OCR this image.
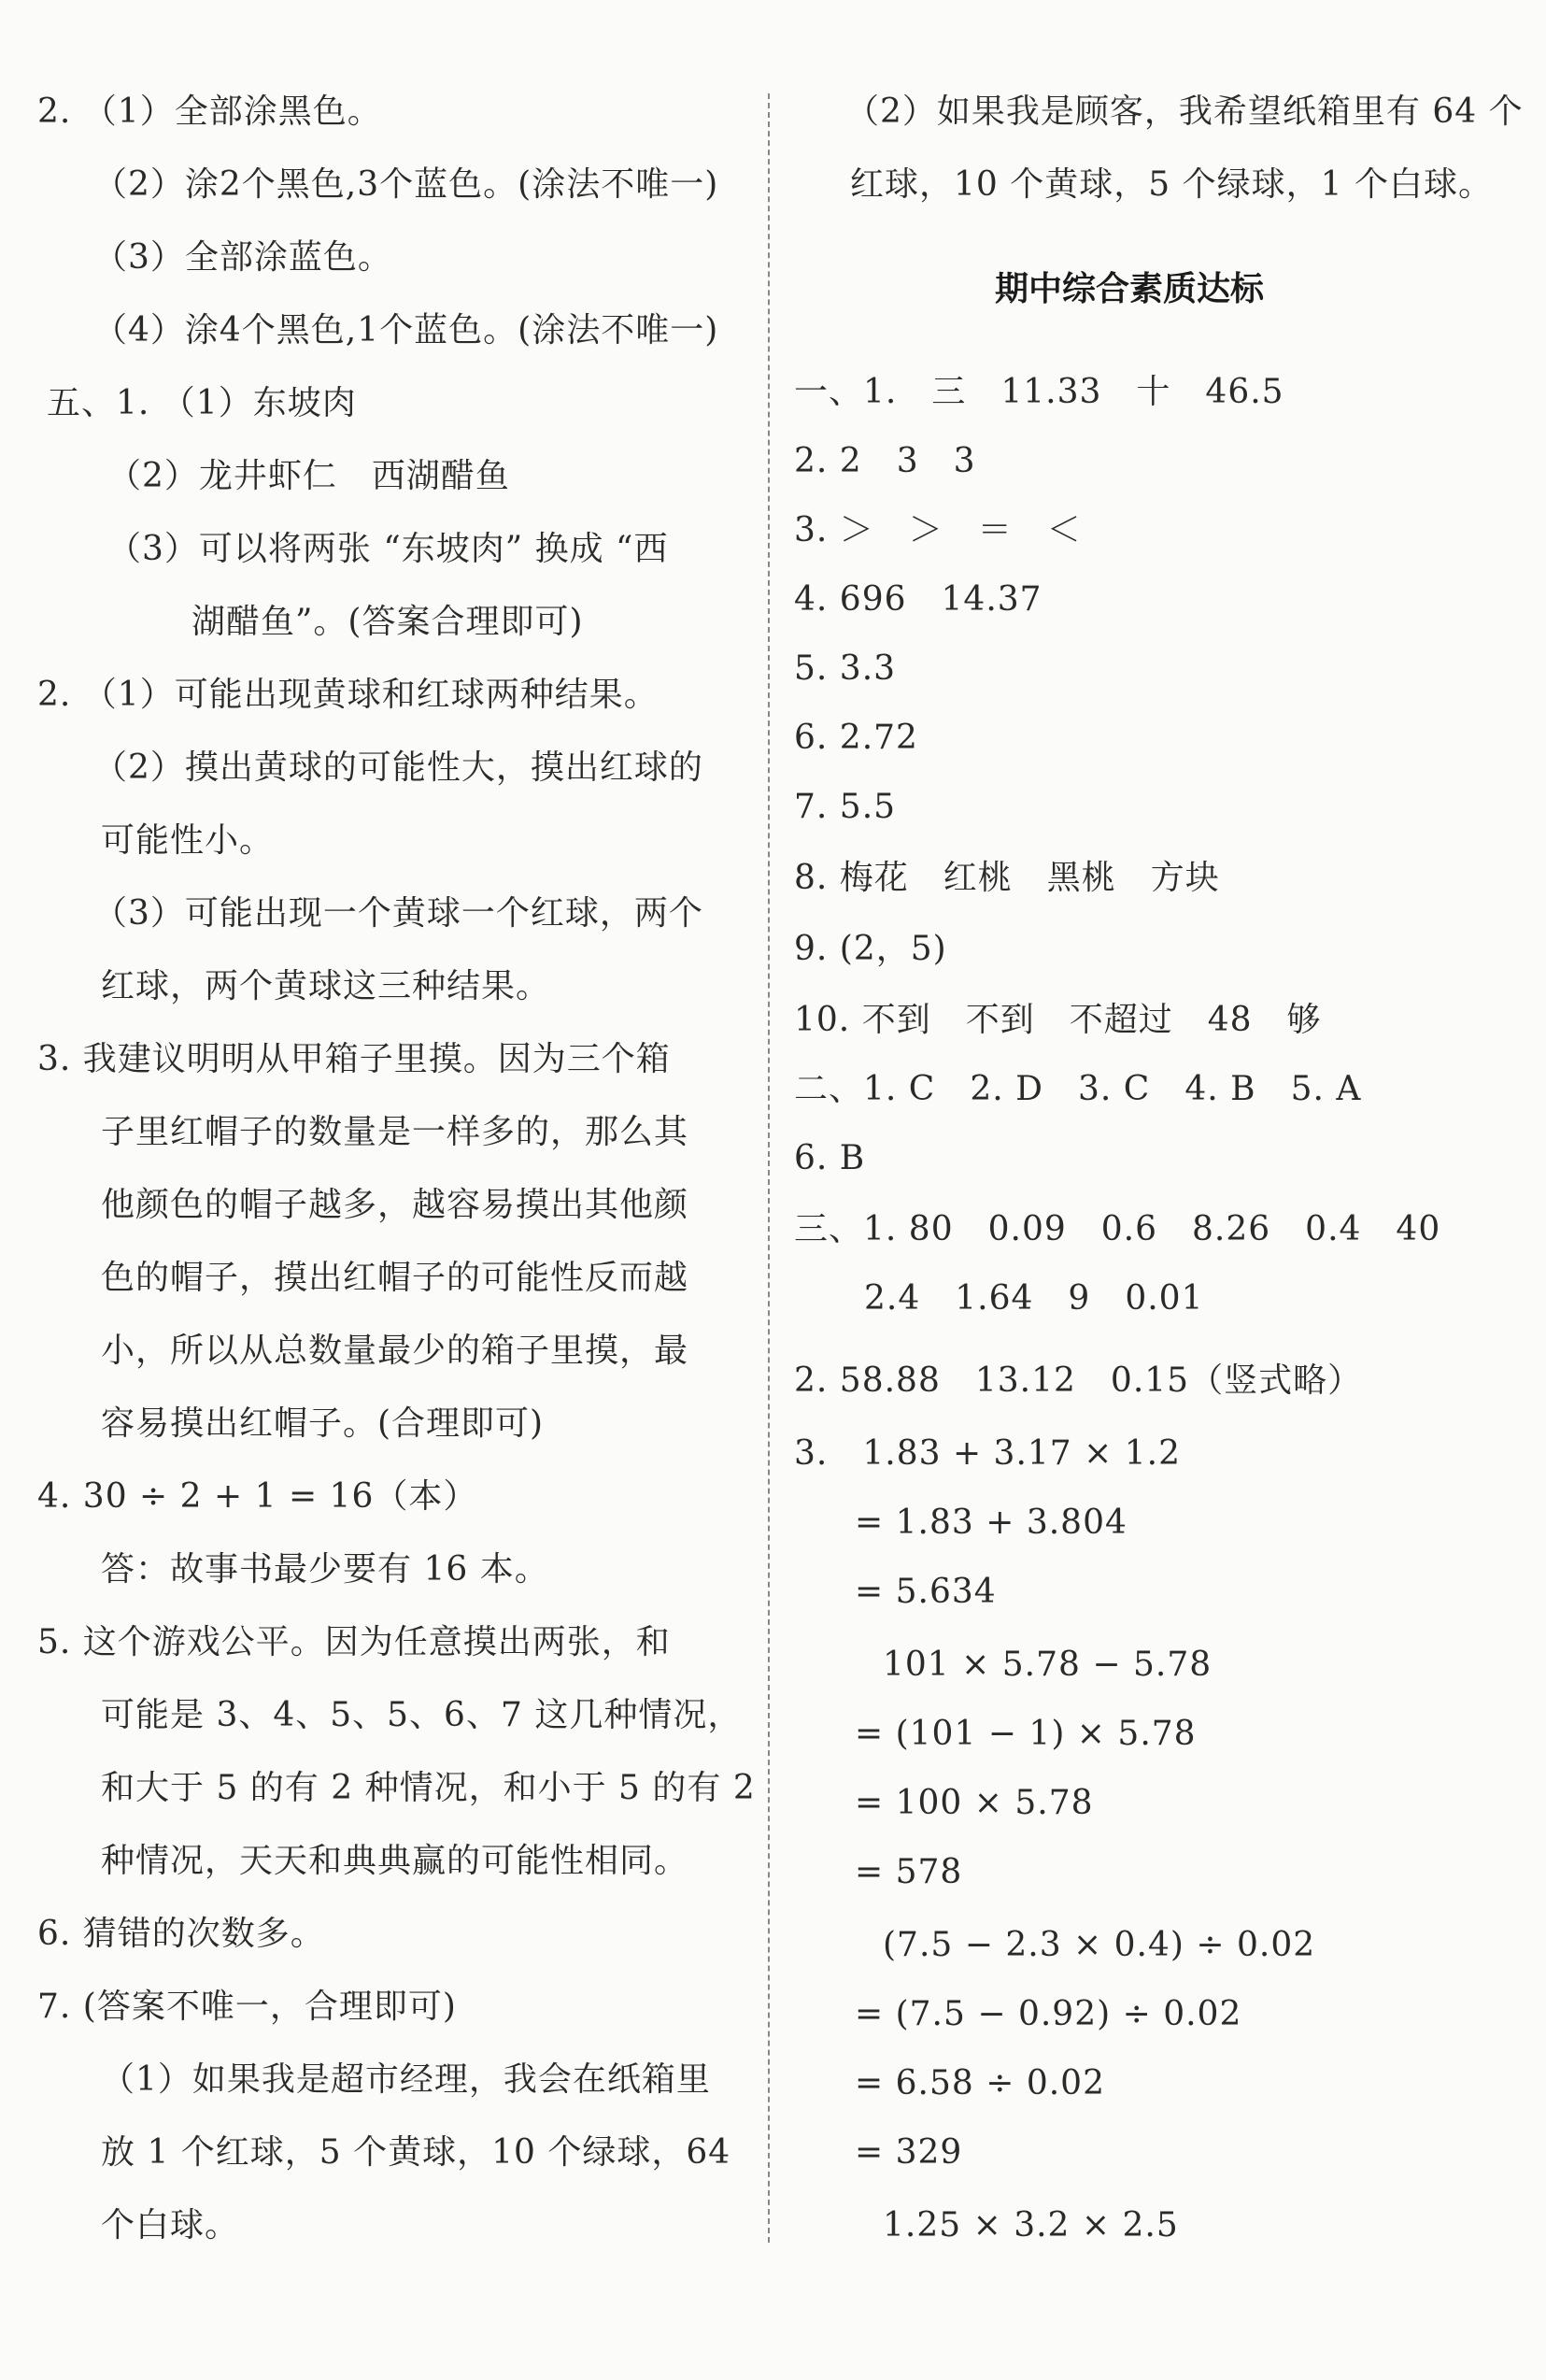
2. （1）全部涂黑色。

（2）涂2个黑色,3个蓝色。(涂法不唯一)

（3）全部涂蓝色。

（4）涂4个黑色,1个蓝色。(涂法不唯一)

五、1. （1）东坡肉

（2）龙井虾仁　西湖醋鱼

（3）可以将两张 “东坡肉” 换成 “西

湖醋鱼”。(答案合理即可)

2. （1）可能出现黄球和红球两种结果。

（2）摸出黄球的可能性大，摸出红球的

可能性小。

（3）可能出现一个黄球一个红球，两个

红球，两个黄球这三种结果。

3. 我建议明明从甲箱子里摸。因为三个箱

子里红帽子的数量是一样多的，那么其

他颜色的帽子越多，越容易摸出其他颜

色的帽子，摸出红帽子的可能性反而越

小，所以从总数量最少的箱子里摸，最

容易摸出红帽子。(合理即可)

4. 30 ÷ 2 + 1 = 16（本）

答：故事书最少要有 16 本。

5. 这个游戏公平。因为任意摸出两张，和

可能是 3、4、5、5、6、7 这几种情况，

和大于 5 的有 2 种情况，和小于 5 的有 2

种情况，天天和典典赢的可能性相同。

6. 猜错的次数多。

7. (答案不唯一，合理即可)

（1）如果我是超市经理，我会在纸箱里

放 1 个红球，5 个黄球，10 个绿球，64

个白球。

期中综合素质达标

（2）如果我是顾客，我希望纸箱里有 64 个

红球，10 个黄球，5 个绿球，1 个白球。

一、1.　三　11.33　十　46.5

2. 2　3　3

3. ＞　＞　＝　＜

4. 696　14.37

5. 3.3

6. 2.72

7. 5.5

8. 梅花　红桃　黑桃　方块

9. (2，5)

10. 不到　不到　不超过　48　够

二、1. C　2. D　3. C　4. B　5. A

6. B

三、1. 80　0.09　0.6　8.26　0.4　40

2.4　1.64　9　0.01

2. 58.88　13.12　0.15（竖式略）

3.　1.83 + 3.17 × 1.2

= 1.83 + 3.804

= 5.634

101 × 5.78 − 5.78

= (101 − 1) × 5.78

= 100 × 5.78

= 578

(7.5 − 2.3 × 0.4) ÷ 0.02

= (7.5 − 0.92) ÷ 0.02

= 6.58 ÷ 0.02

= 329

1.25 × 3.2 × 2.5
